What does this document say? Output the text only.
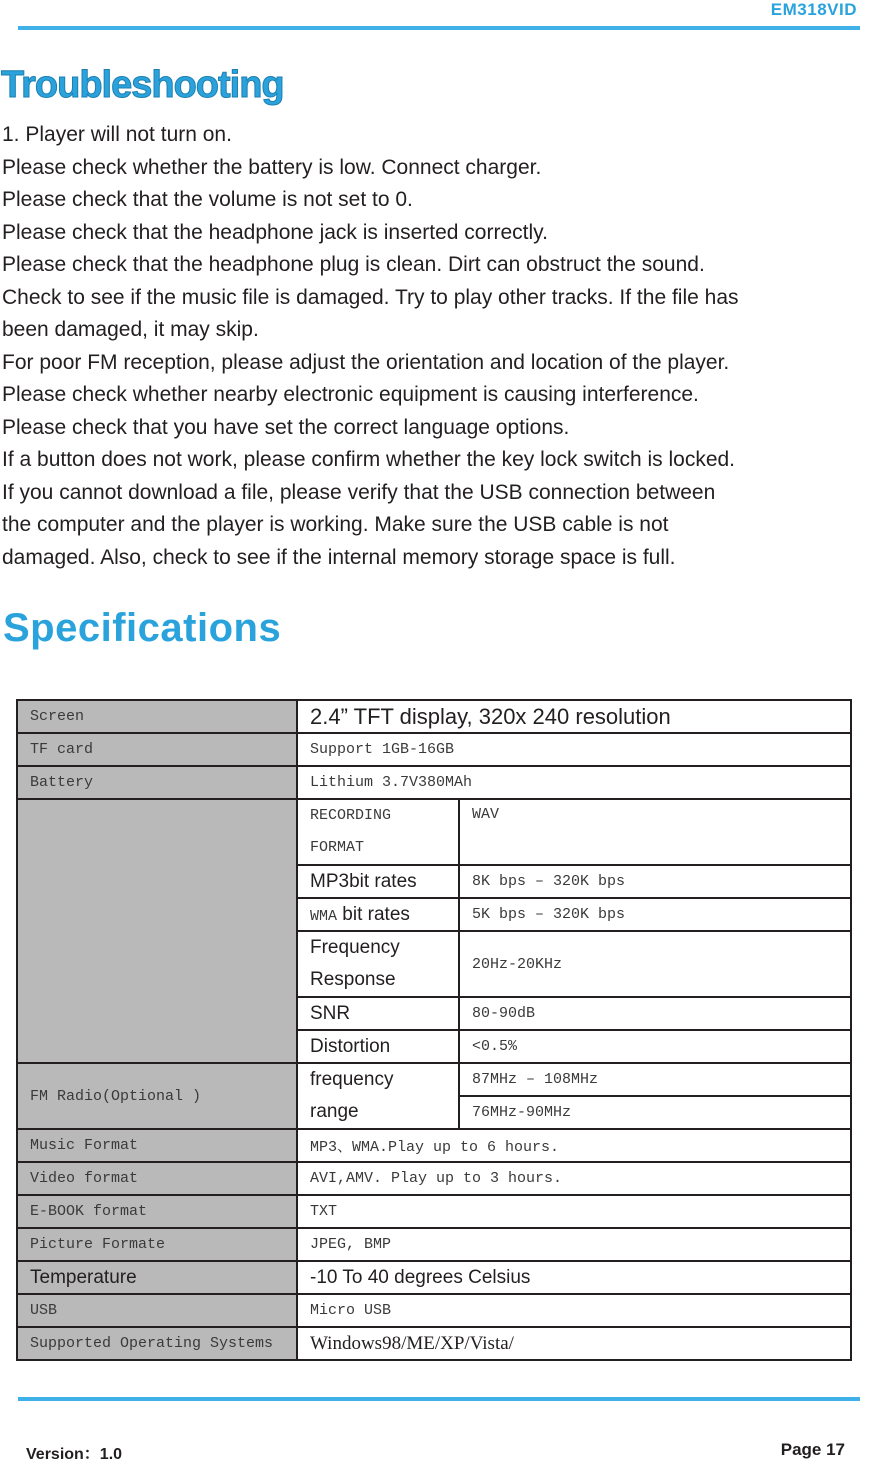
EM318VID
Troubleshooting

1. Player will not turn on.

Please check whether the battery is low. Connect charger.

Please check that the volume is not set to 0.

Please check that the headphone jack is inserted correctly.

Please check that the headphone plug is clean. Dirt can obstruct the sound.

Check to see if the music file is damaged. Try to play other tracks. If the file has

been damaged, it may skip.

For poor FM reception, please adjust the orientation and location of the player.

Please check whether nearby electronic equipment is causing interference.

Please check that you have set the correct language options.

If a button does not work, please confirm whether the key lock switch is locked.

If you cannot download a file, please verify that the USB connection between

the computer and the player is working. Make sure the USB cable is not

damaged. Also, check to see if the internal memory storage space is full.

Specifications
Screen	2.4” TFT display, 320x 240 resolution	
TF card	Support 1GB-16GB	
Battery	Lithium 3.7V380MAh	

	RECORDING
FORMAT	WAV
	MP3bit rates	8K bps – 320K bps
	WMA bit rates	5K bps – 320K bps

	Frequency
Response	20Hz-20KHz
	SNR	80-90dB
	Distortion	<0.5%
FM Radio(Optional )	frequency
range	87MHz – 108MHz
		76MHz-90MHz
Music Format	MP3、WMA.Play up to 6 hours.	
Video format	AVI,AMV. Play up to 3 hours.	
E-BOOK format	TXT	
Picture Formate	JPEG, BMP	
Temperature	-10 To 40 degrees Celsius	
USB	Micro USB	
Supported Operating Systems	Windows98/ME/XP/Vista/	
Version：1.0	Page 17
